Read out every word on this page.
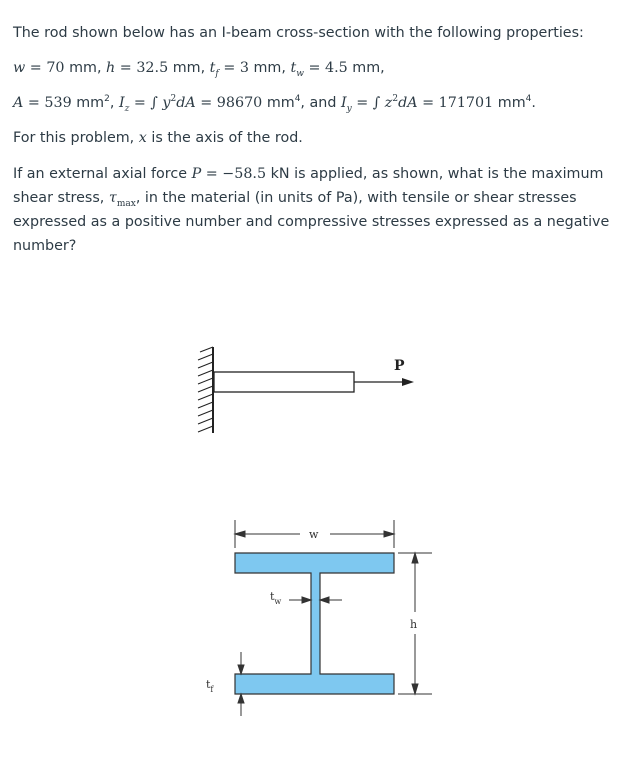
The rod shown below has an I-beam cross-section with the following properties:

w = 70 mm, h = 32.5 mm, $t_f = 3$ mm, $t_w = 4.5$ mm,

A = 539 $mm^2$, $I_z$ = ∫ $y^2dA = 98670$ $mm^4$, and $I_y$ = ∫ $z^2dA = 171701$ $mm^4$.

For this problem, x is the axis of the rod.

If an external axial force P = −58.5 kN is applied, as shown, what is the maximum
shear stress, $\tau_{max}$, in the material (in units of Pa), with tensile or shear stresses
expressed as a positive number and compressive stresses expressed as a negative
number?
P
w
$t_w$
h
$t_f$
